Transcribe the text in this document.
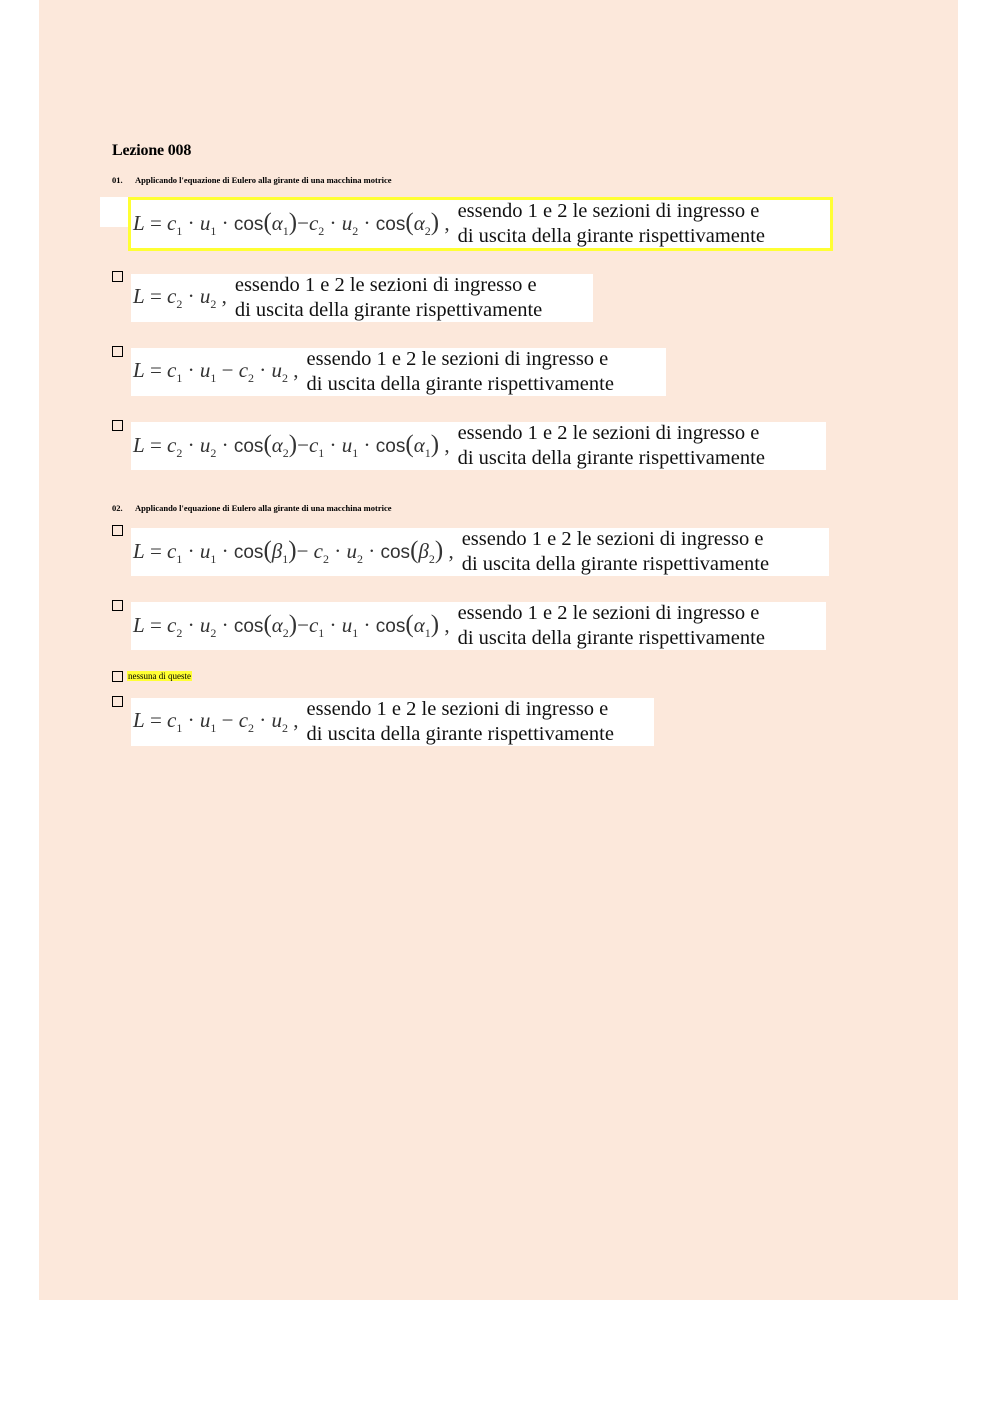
Lezione 008
01. Applicando l'equazione di Eulero alla girante di una macchina motrice
$L = c_1 \cdot u_1 \cdot \cos(\alpha_1)-c_2 \cdot u_2 \cdot \cos(\alpha_2)$ , essendo 1 e 2 le sezioni di ingresso e
di uscita della girante rispettivamente
$L = c_2 \cdot u_2$ , essendo 1 e 2 le sezioni di ingresso e
di uscita della girante rispettivamente
$L = c_1 \cdot u_1 - c_2 \cdot u_2$ , essendo 1 e 2 le sezioni di ingresso e
di uscita della girante rispettivamente
$L = c_2 \cdot u_2 \cdot \cos(\alpha_2)-c_1 \cdot u_1 \cdot \cos(\alpha_1)$ , essendo 1 e 2 le sezioni di ingresso e
di uscita della girante rispettivamente
02. Applicando l'equazione di Eulero alla girante di una macchina motrice
$L = c_1 \cdot u_1 \cdot \cos(\beta_1)- c_2 \cdot u_2 \cdot \cos(\beta_2)$ , essendo 1 e 2 le sezioni di ingresso e
di uscita della girante rispettivamente
$L = c_2 \cdot u_2 \cdot \cos(\alpha_2)-c_1 \cdot u_1 \cdot \cos(\alpha_1)$ , essendo 1 e 2 le sezioni di ingresso e
di uscita della girante rispettivamente
nessuna di queste
$L = c_1 \cdot u_1 - c_2 \cdot u_2$ , essendo 1 e 2 le sezioni di ingresso e
di uscita della girante rispettivamente
